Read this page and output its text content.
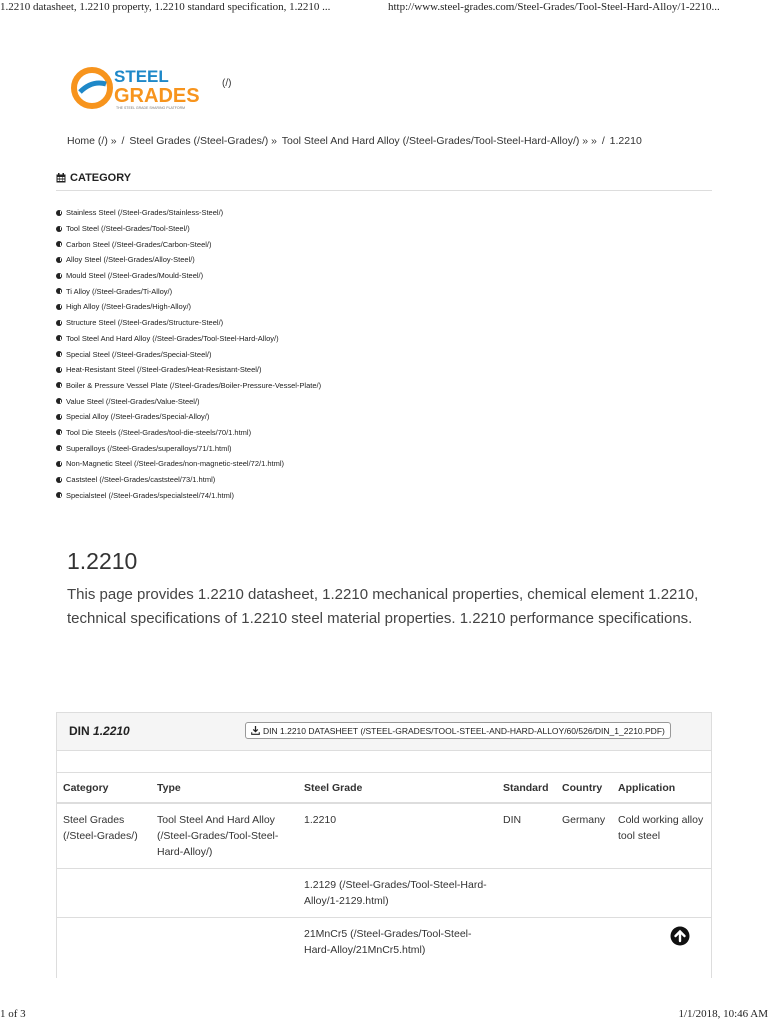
1.2210 datasheet, 1.2210 property, 1.2210 standard specification, 1.2210 ...	http://www.steel-grades.com/Steel-Grades/Tool-Steel-Hard-Alloy/1-2210...
STEEL
GRADES
THE STEEL GRADE SHARING PLATFORM
(/)
Home (/) » / Steel Grades (/Steel-Grades/) » Tool Steel And Hard Alloy (/Steel-Grades/Tool-Steel-Hard-Alloy/) » » / 1.2210
CATEGORY
Stainless Steel (/Steel-Grades/Stainless-Steel/)
Tool Steel (/Steel-Grades/Tool-Steel/)
Carbon Steel (/Steel-Grades/Carbon-Steel/)
Alloy Steel (/Steel-Grades/Alloy-Steel/)
Mould Steel (/Steel-Grades/Mould-Steel/)
Ti Alloy (/Steel-Grades/Ti-Alloy/)
High Alloy (/Steel-Grades/High-Alloy/)
Structure Steel (/Steel-Grades/Structure-Steel/)
Tool Steel And Hard Alloy (/Steel-Grades/Tool-Steel-Hard-Alloy/)
Special Steel (/Steel-Grades/Special-Steel/)
Heat-Resistant Steel (/Steel-Grades/Heat-Resistant-Steel/)
Boiler & Pressure Vessel Plate (/Steel-Grades/Boiler-Pressure-Vessel-Plate/)
Value Steel (/Steel-Grades/Value-Steel/)
Special Alloy (/Steel-Grades/Special-Alloy/)
Tool Die Steels (/Steel-Grades/tool-die-steels/70/1.html)
Superalloys (/Steel-Grades/superalloys/71/1.html)
Non-Magnetic Steel (/Steel-Grades/non-magnetic-steel/72/1.html)
Caststeel (/Steel-Grades/caststeel/73/1.html)
Specialsteel (/Steel-Grades/specialsteel/74/1.html)
1.2210

This page provides 1.2210 datasheet, 1.2210 mechanical properties, chemical element 1.2210, technical specifications of 1.2210 steel material properties. 1.2210 performance specifications.

DIN 1.2210	DIN 1.2210 DATASHEET (/STEEL-GRADES/TOOL-STEEL-AND-HARD-ALLOY/60/526/DIN_1_2210.PDF)
Category	Type	Steel Grade	Standard	Country	Application
Steel Grades (/Steel-Grades/)	Tool Steel And Hard Alloy (/Steel-Grades/Tool-Steel-Hard-Alloy/)	1.2210	DIN	Germany	Cold working alloy tool steel
		1.2129 (/Steel-Grades/Tool-Steel-Hard-Alloy/1-2129.html)			
		21MnCr5 (/Steel-Grades/Tool-Steel-Hard-Alloy/21MnCr5.html)			
1 of 3	1/1/2018, 10:46 AM
